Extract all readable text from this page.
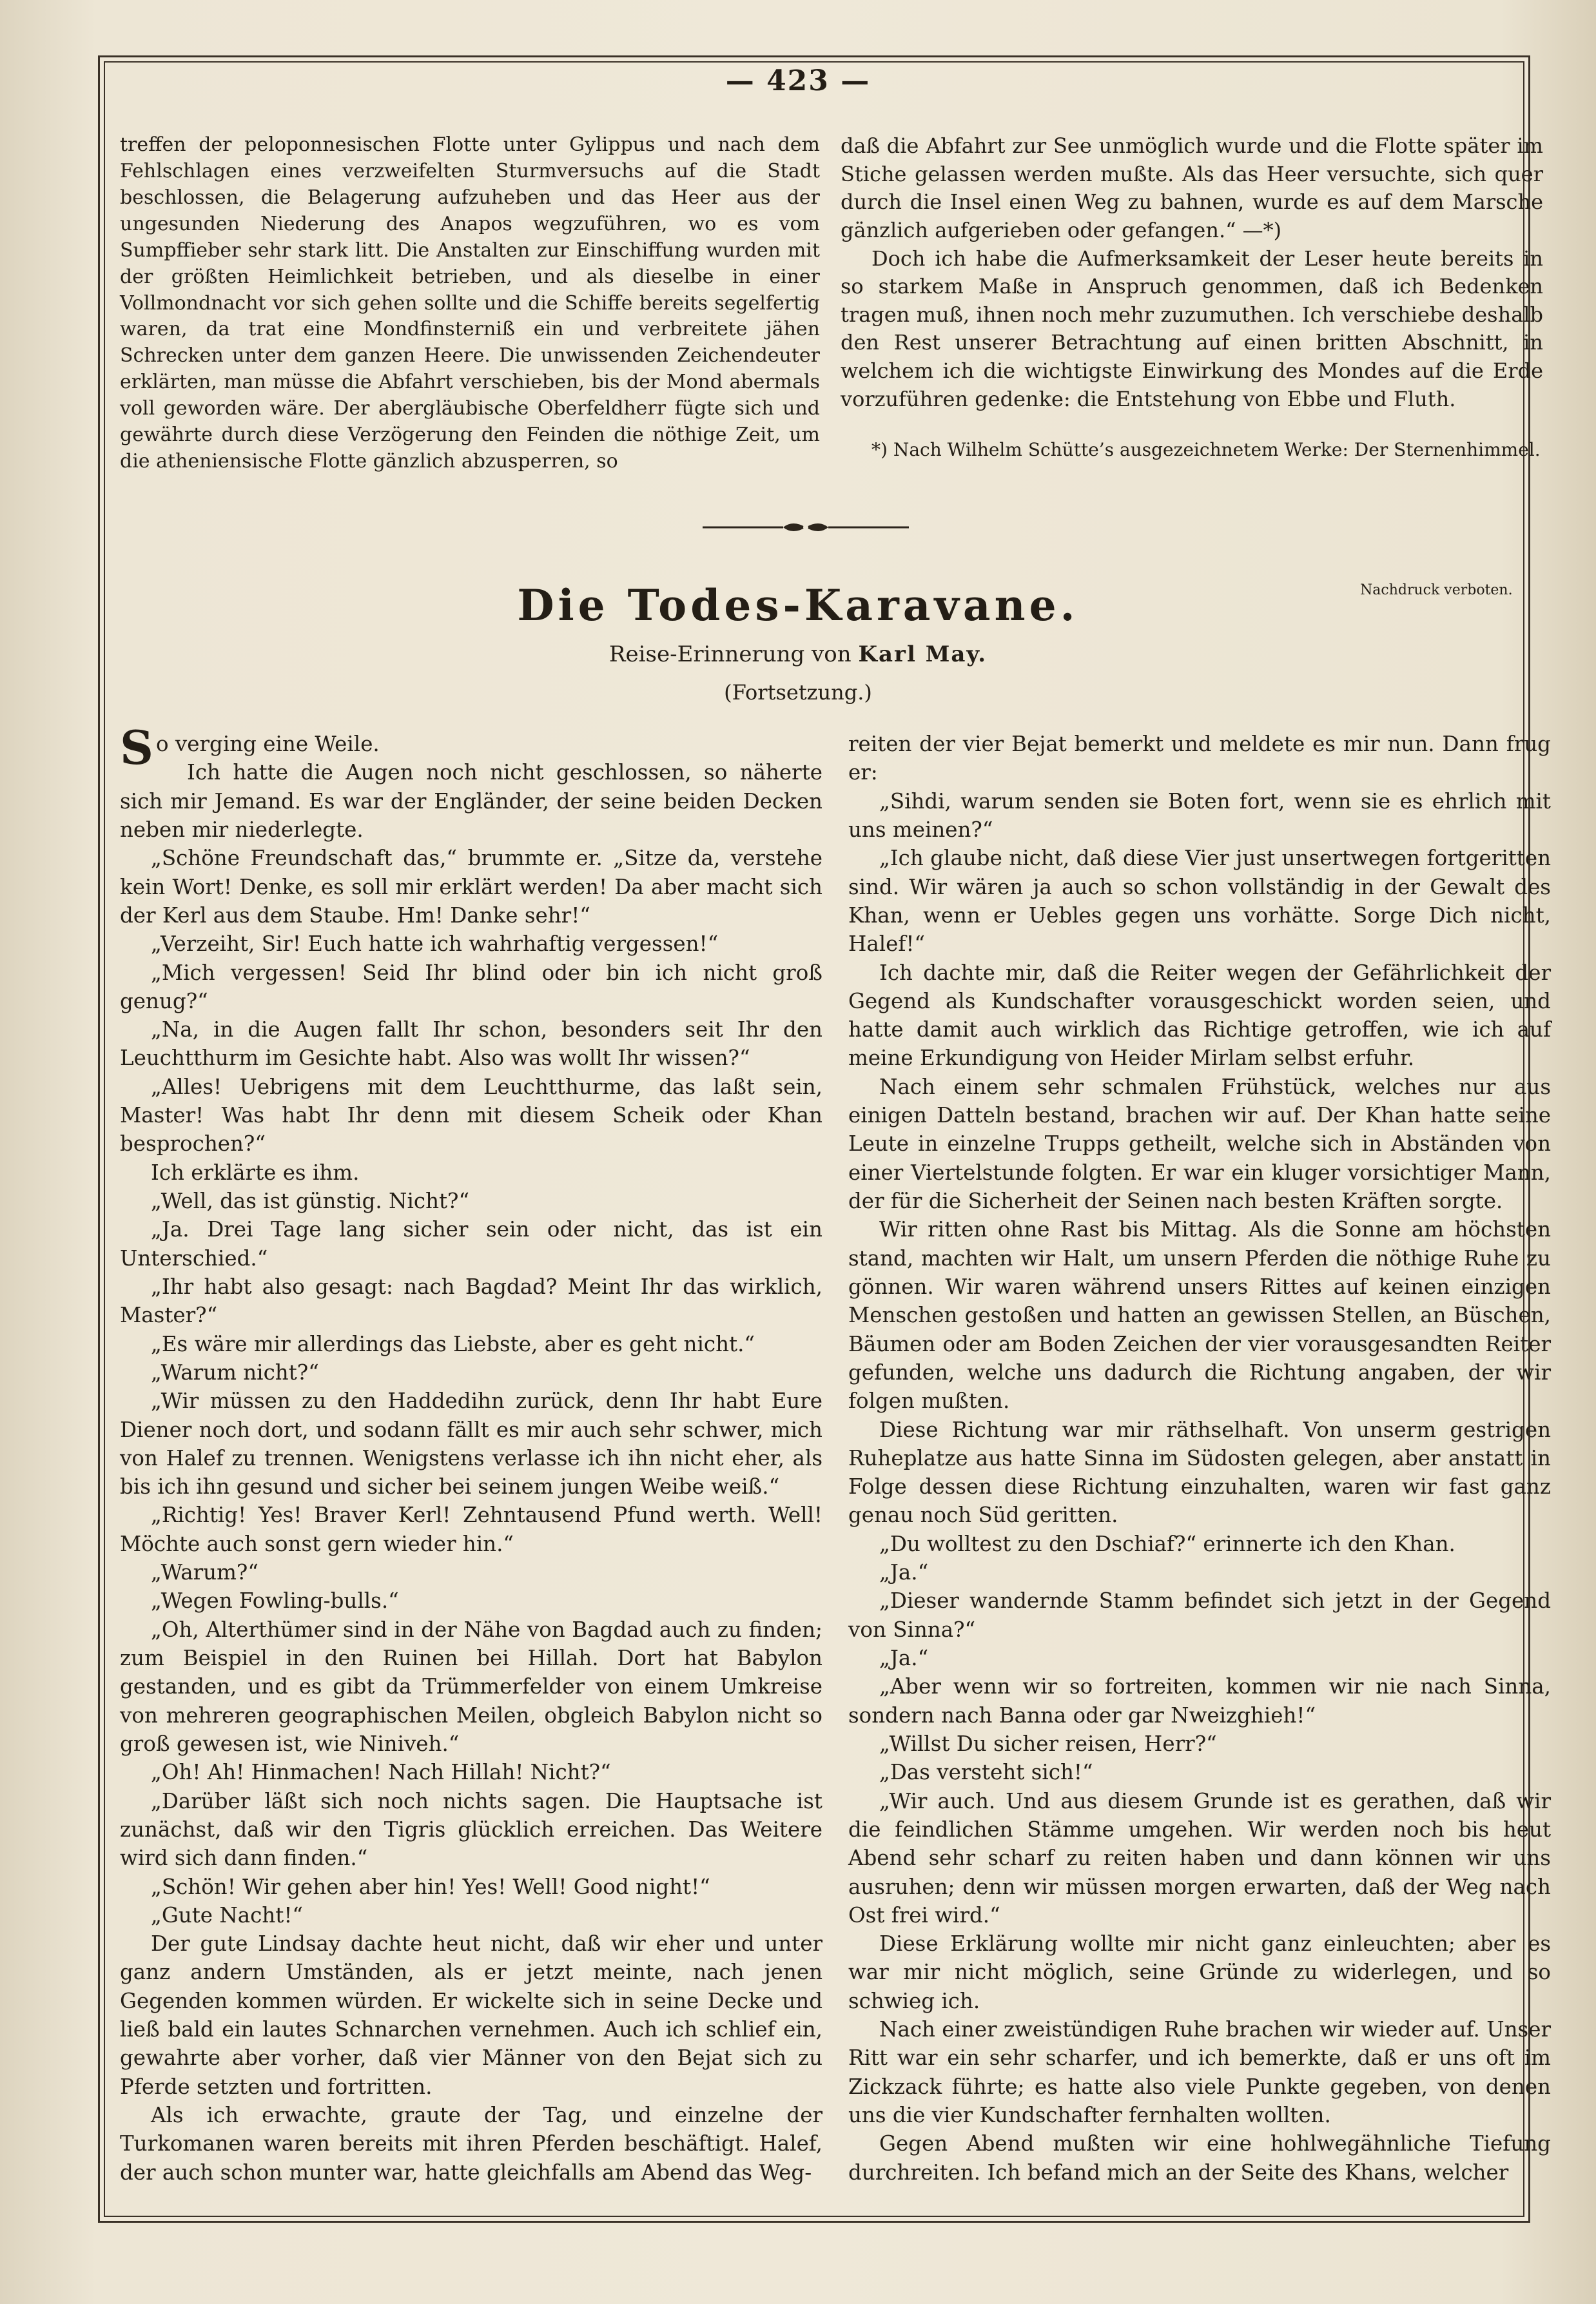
— 423 —

treffen der peloponnesischen Flotte unter Gylippus und nach dem Fehlschlagen eines verzweifelten Sturmversuchs auf die Stadt beschlossen, die Belagerung aufzuheben und das Heer aus der ungesunden Niederung des Anapos wegzuführen, wo es vom Sumpffieber sehr stark litt. Die Anstalten zur Einschiffung wurden mit der größten Heimlichkeit betrieben, und als dieselbe in einer Vollmondnacht vor sich gehen sollte und die Schiffe bereits segelfertig waren, da trat eine Mondfinsterniß ein und verbreitete jähen Schrecken unter dem ganzen Heere. Die unwissenden Zeichendeuter erklärten, man müsse die Abfahrt verschieben, bis der Mond abermals voll geworden wäre. Der abergläubische Oberfeldherr fügte sich und gewährte durch diese Verzögerung den Feinden die nöthige Zeit, um die atheniensische Flotte gänzlich abzusperren, so

daß die Abfahrt zur See unmöglich wurde und die Flotte später im Stiche gelassen werden mußte. Als das Heer versuchte, sich quer durch die Insel einen Weg zu bahnen, wurde es auf dem Marsche gänzlich aufgerieben oder gefangen.“ —*)

Doch ich habe die Aufmerksamkeit der Leser heute bereits in so starkem Maße in Anspruch genommen, daß ich Bedenken tragen muß, ihnen noch mehr zuzumuthen. Ich verschiebe deshalb den Rest unserer Betrachtung auf einen britten Abschnitt, in welchem ich die wichtigste Einwirkung des Mondes auf die Erde vorzuführen gedenke: die Entstehung von Ebbe und Fluth.

*) Nach Wilhelm Schütte’s ausgezeichnetem Werke: Der Sternenhimmel.

Die Todes-Karavane.	Nachdruck verboten.
Reise-Erinnerung von Karl May.
(Fortsetzung.)

So verging eine Weile.

Ich hatte die Augen noch nicht geschlossen, so näherte sich mir Jemand. Es war der Engländer, der seine beiden Decken neben mir niederlegte.

„Schöne Freundschaft das,“ brummte er. „Sitze da, verstehe kein Wort! Denke, es soll mir erklärt werden! Da aber macht sich der Kerl aus dem Staube. Hm! Danke sehr!“

„Verzeiht, Sir! Euch hatte ich wahrhaftig vergessen!“

„Mich vergessen! Seid Ihr blind oder bin ich nicht groß genug?“

„Na, in die Augen fallt Ihr schon, besonders seit Ihr den Leuchtthurm im Gesichte habt. Also was wollt Ihr wissen?“

„Alles! Uebrigens mit dem Leuchtthurme, das laßt sein, Master! Was habt Ihr denn mit diesem Scheik oder Khan besprochen?“

Ich erklärte es ihm.

„Well, das ist günstig. Nicht?“

„Ja. Drei Tage lang sicher sein oder nicht, das ist ein Unterschied.“

„Ihr habt also gesagt: nach Bagdad? Meint Ihr das wirklich, Master?“

„Es wäre mir allerdings das Liebste, aber es geht nicht.“

„Warum nicht?“

„Wir müssen zu den Haddedihn zurück, denn Ihr habt Eure Diener noch dort, und sodann fällt es mir auch sehr schwer, mich von Halef zu trennen. Wenigstens verlasse ich ihn nicht eher, als bis ich ihn gesund und sicher bei seinem jungen Weibe weiß.“

„Richtig! Yes! Braver Kerl! Zehntausend Pfund werth. Well! Möchte auch sonst gern wieder hin.“

„Warum?“

„Wegen Fowling-bulls.“

„Oh, Alterthümer sind in der Nähe von Bagdad auch zu finden; zum Beispiel in den Ruinen bei Hillah. Dort hat Babylon gestanden, und es gibt da Trümmerfelder von einem Umkreise von mehreren geographischen Meilen, obgleich Babylon nicht so groß gewesen ist, wie Niniveh.“

„Oh! Ah! Hinmachen! Nach Hillah! Nicht?“

„Darüber läßt sich noch nichts sagen. Die Hauptsache ist zunächst, daß wir den Tigris glücklich erreichen. Das Weitere wird sich dann finden.“

„Schön! Wir gehen aber hin! Yes! Well! Good night!“

„Gute Nacht!“

Der gute Lindsay dachte heut nicht, daß wir eher und unter ganz andern Umständen, als er jetzt meinte, nach jenen Gegenden kommen würden. Er wickelte sich in seine Decke und ließ bald ein lautes Schnarchen vernehmen. Auch ich schlief ein, gewahrte aber vorher, daß vier Männer von den Bejat sich zu Pferde setzten und fortritten.

Als ich erwachte, graute der Tag, und einzelne der Turkomanen waren bereits mit ihren Pferden beschäftigt. Halef, der auch schon munter war, hatte gleichfalls am Abend das Weg-

reiten der vier Bejat bemerkt und meldete es mir nun. Dann frug er:

„Sihdi, warum senden sie Boten fort, wenn sie es ehrlich mit uns meinen?“

„Ich glaube nicht, daß diese Vier just unsertwegen fortgeritten sind. Wir wären ja auch so schon vollständig in der Gewalt des Khan, wenn er Uebles gegen uns vorhätte. Sorge Dich nicht, Halef!“

Ich dachte mir, daß die Reiter wegen der Gefährlichkeit der Gegend als Kundschafter vorausgeschickt worden seien, und hatte damit auch wirklich das Richtige getroffen, wie ich auf meine Erkundigung von Heider Mirlam selbst erfuhr.

Nach einem sehr schmalen Frühstück, welches nur aus einigen Datteln bestand, brachen wir auf. Der Khan hatte seine Leute in einzelne Trupps getheilt, welche sich in Abständen von einer Viertelstunde folgten. Er war ein kluger vorsichtiger Mann, der für die Sicherheit der Seinen nach besten Kräften sorgte.

Wir ritten ohne Rast bis Mittag. Als die Sonne am höchsten stand, machten wir Halt, um unsern Pferden die nöthige Ruhe zu gönnen. Wir waren während unsers Rittes auf keinen einzigen Menschen gestoßen und hatten an gewissen Stellen, an Büschen, Bäumen oder am Boden Zeichen der vier vorausgesandten Reiter gefunden, welche uns dadurch die Richtung angaben, der wir folgen mußten.

Diese Richtung war mir räthselhaft. Von unserm gestrigen Ruheplatze aus hatte Sinna im Südosten gelegen, aber anstatt in Folge dessen diese Richtung einzuhalten, waren wir fast ganz genau noch Süd geritten.

„Du wolltest zu den Dschiaf?“ erinnerte ich den Khan.

„Ja.“

„Dieser wandernde Stamm befindet sich jetzt in der Gegend von Sinna?“

„Ja.“

„Aber wenn wir so fortreiten, kommen wir nie nach Sinna, sondern nach Banna oder gar Nweizghieh!“

„Willst Du sicher reisen, Herr?“

„Das versteht sich!“

„Wir auch. Und aus diesem Grunde ist es gerathen, daß wir die feindlichen Stämme umgehen. Wir werden noch bis heut Abend sehr scharf zu reiten haben und dann können wir uns ausruhen; denn wir müssen morgen erwarten, daß der Weg nach Ost frei wird.“

Diese Erklärung wollte mir nicht ganz einleuchten; aber es war mir nicht möglich, seine Gründe zu widerlegen, und so schwieg ich.

Nach einer zweistündigen Ruhe brachen wir wieder auf. Unser Ritt war ein sehr scharfer, und ich bemerkte, daß er uns oft im Zickzack führte; es hatte also viele Punkte gegeben, von denen uns die vier Kundschafter fernhalten wollten.

Gegen Abend mußten wir eine hohlwegähnliche Tiefung durchreiten. Ich befand mich an der Seite des Khans, welcher
